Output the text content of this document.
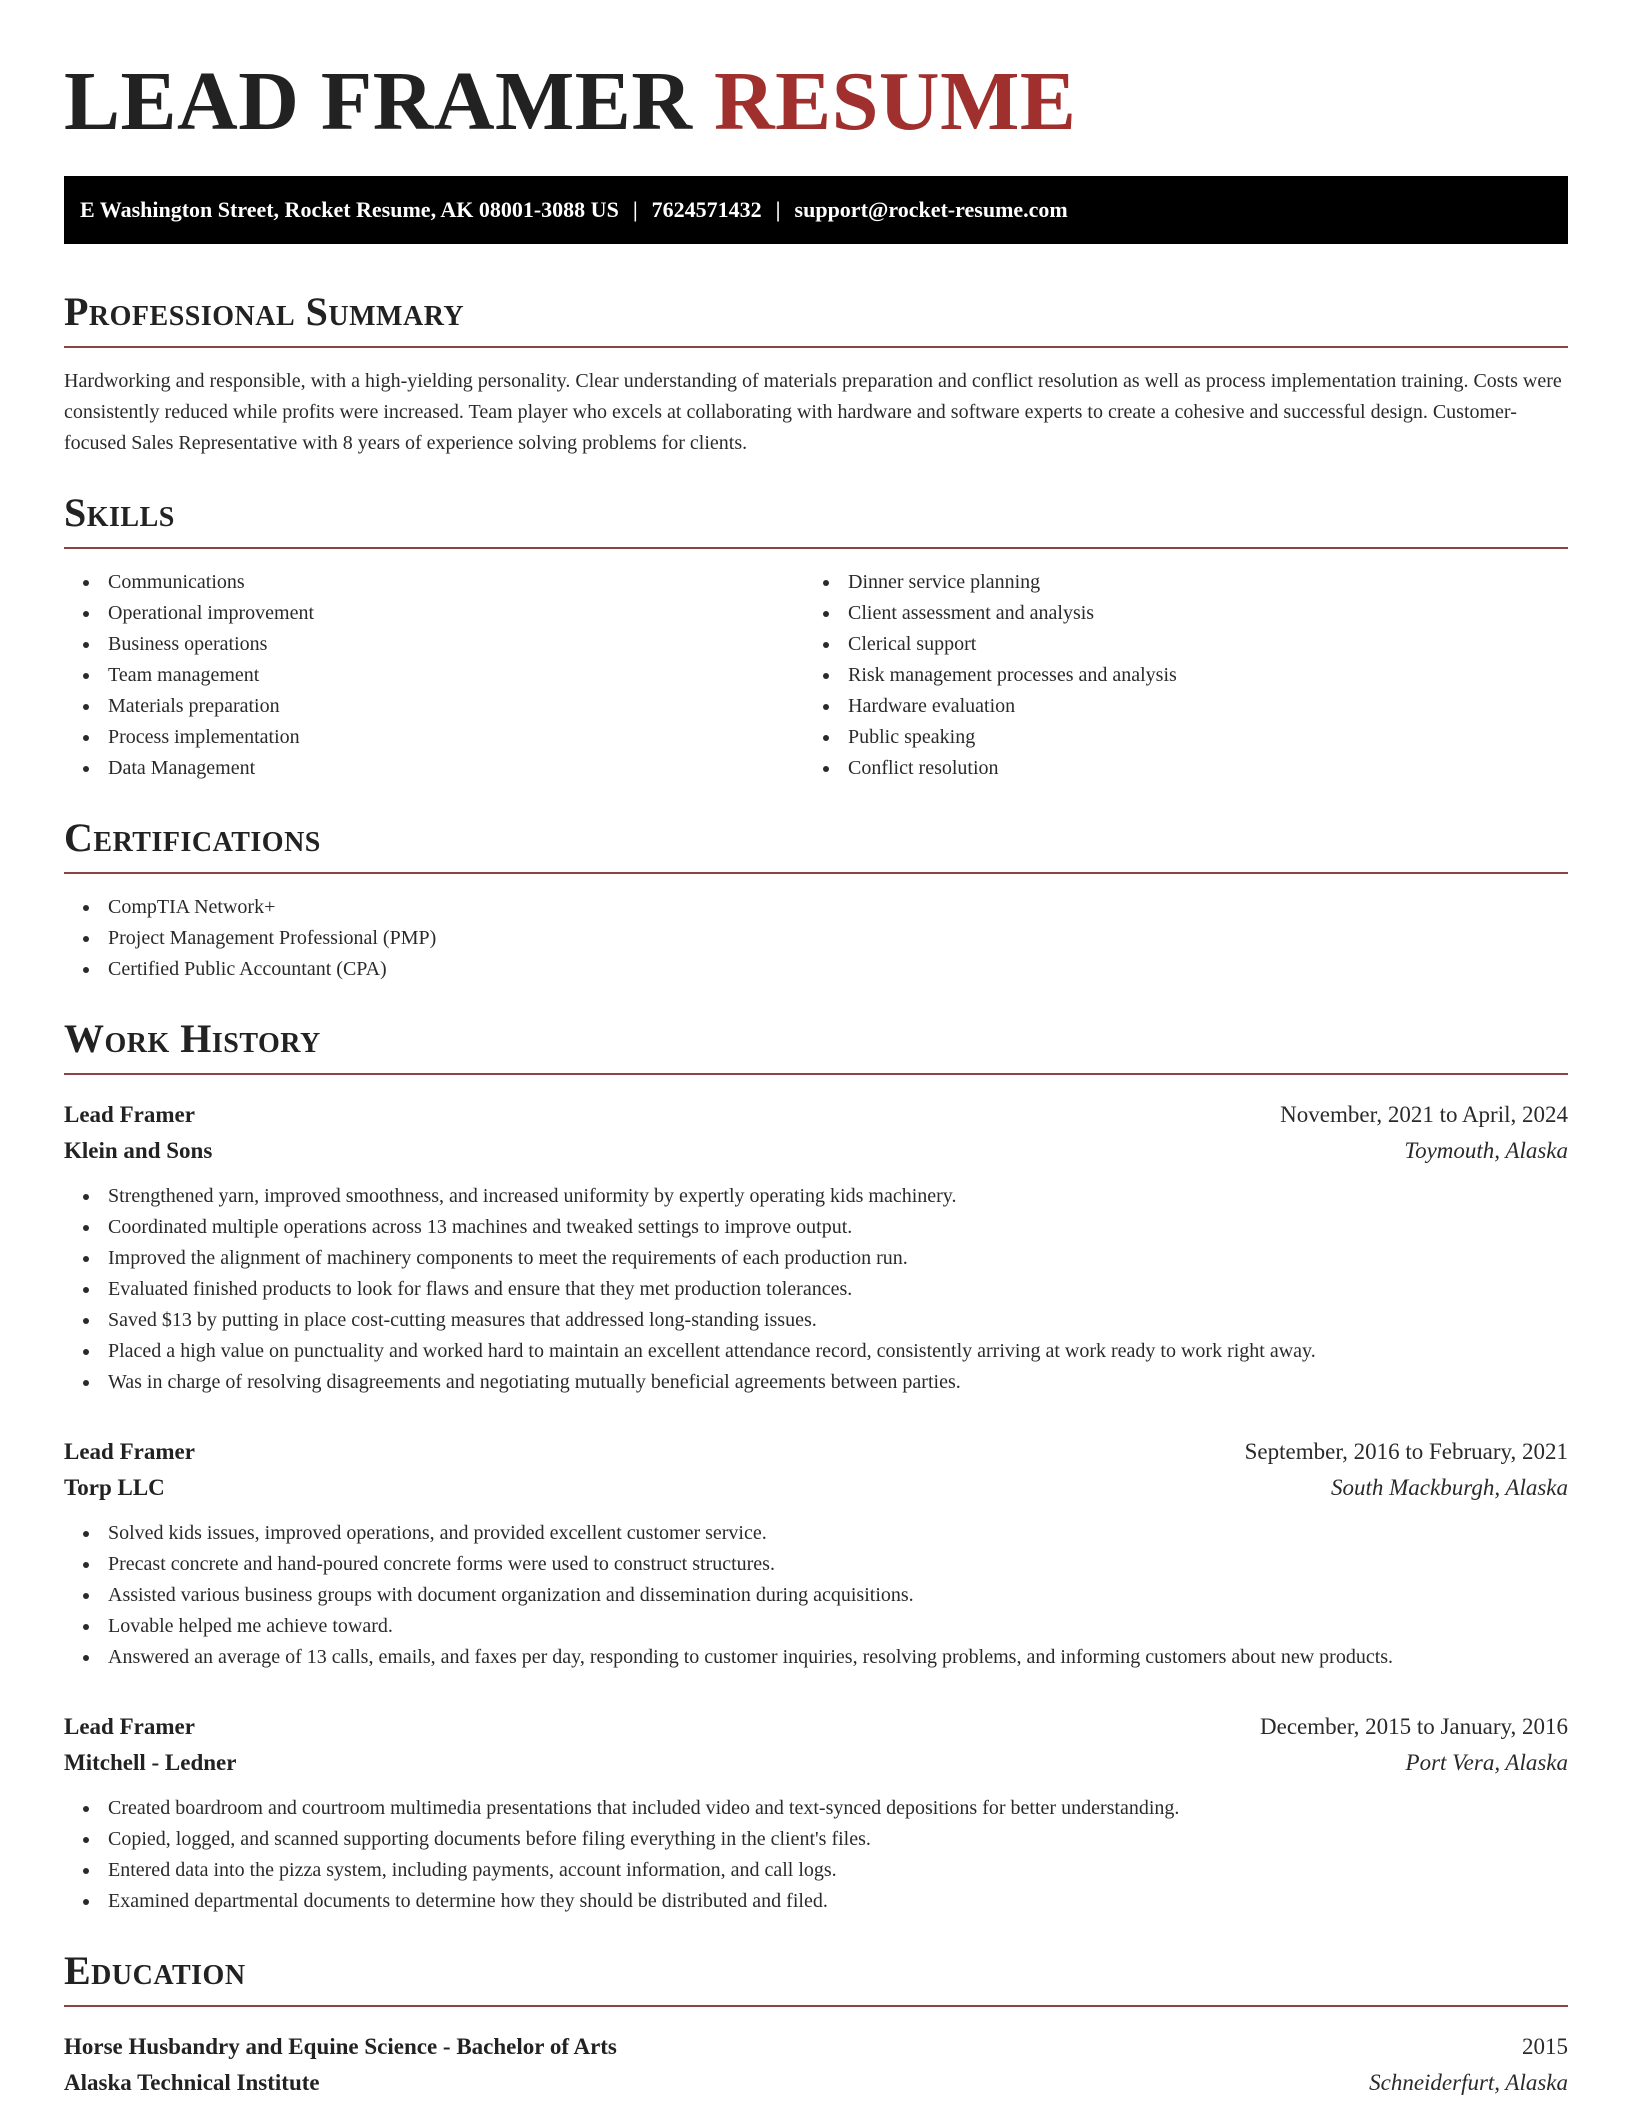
LEAD FRAMER RESUME
E Washington Street, Rocket Resume, AK 08001-3088 US | 7624571432 | support@rocket-resume.com
Professional Summary

Hardworking and responsible, with a high-yielding personality. Clear understanding of materials preparation and conflict resolution as well as process implementation training. Costs were consistently reduced while profits were increased. Team player who excels at collaborating with hardware and software experts to create a cohesive and successful design. Customer-focused Sales Representative with 8 years of experience solving problems for clients.

Skills
Communications
Operational improvement
Business operations
Team management
Materials preparation
Process implementation
Data Management
Dinner service planning
Client assessment and analysis
Clerical support
Risk management processes and analysis
Hardware evaluation
Public speaking
Conflict resolution
Certifications
CompTIA Network+
Project Management Professional (PMP)
Certified Public Accountant (CPA)
Work History
Lead Framer	November, 2021 to April, 2024
Klein and Sons	Toymouth, Alaska
Strengthened yarn, improved smoothness, and increased uniformity by expertly operating kids machinery.
Coordinated multiple operations across 13 machines and tweaked settings to improve output.
Improved the alignment of machinery components to meet the requirements of each production run.
Evaluated finished products to look for flaws and ensure that they met production tolerances.
Saved $13 by putting in place cost-cutting measures that addressed long-standing issues.
Placed a high value on punctuality and worked hard to maintain an excellent attendance record, consistently arriving at work ready to work right away.
Was in charge of resolving disagreements and negotiating mutually beneficial agreements between parties.
Lead Framer	September, 2016 to February, 2021
Torp LLC	South Mackburgh, Alaska
Solved kids issues, improved operations, and provided excellent customer service.
Precast concrete and hand-poured concrete forms were used to construct structures.
Assisted various business groups with document organization and dissemination during acquisitions.
Lovable helped me achieve toward.
Answered an average of 13 calls, emails, and faxes per day, responding to customer inquiries, resolving problems, and informing customers about new products.
Lead Framer	December, 2015 to January, 2016
Mitchell - Ledner	Port Vera, Alaska
Created boardroom and courtroom multimedia presentations that included video and text-synced depositions for better understanding.
Copied, logged, and scanned supporting documents before filing everything in the client's files.
Entered data into the pizza system, including payments, account information, and call logs.
Examined departmental documents to determine how they should be distributed and filed.
Education
Horse Husbandry and Equine Science - Bachelor of Arts	2015
Alaska Technical Institute	Schneiderfurt, Alaska
